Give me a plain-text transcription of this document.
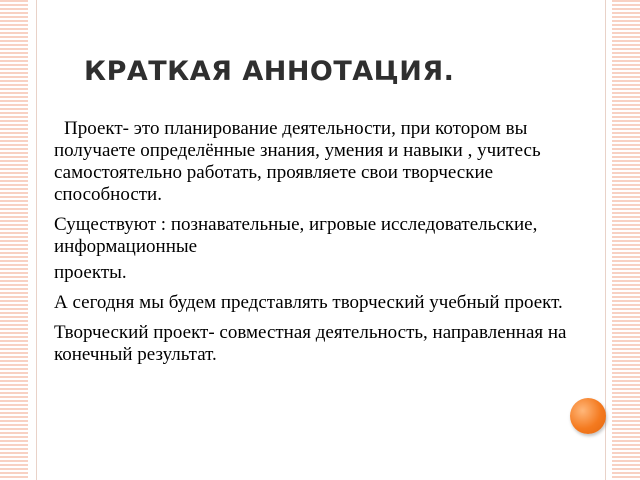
КРАТКАЯ АННОТАЦИЯ.

Проект- это планирование деятельности, при котором вы получаете определённые знания, умения и навыки , учитесь самостоятельно работать, проявляете свои творческие способности.

Существуют : познавательные, игровые исследовательские, информационные

проекты.

А сегодня мы будем представлять творческий учебный проект.

Творческий проект- совместная деятельность, направленная на конечный результат.
